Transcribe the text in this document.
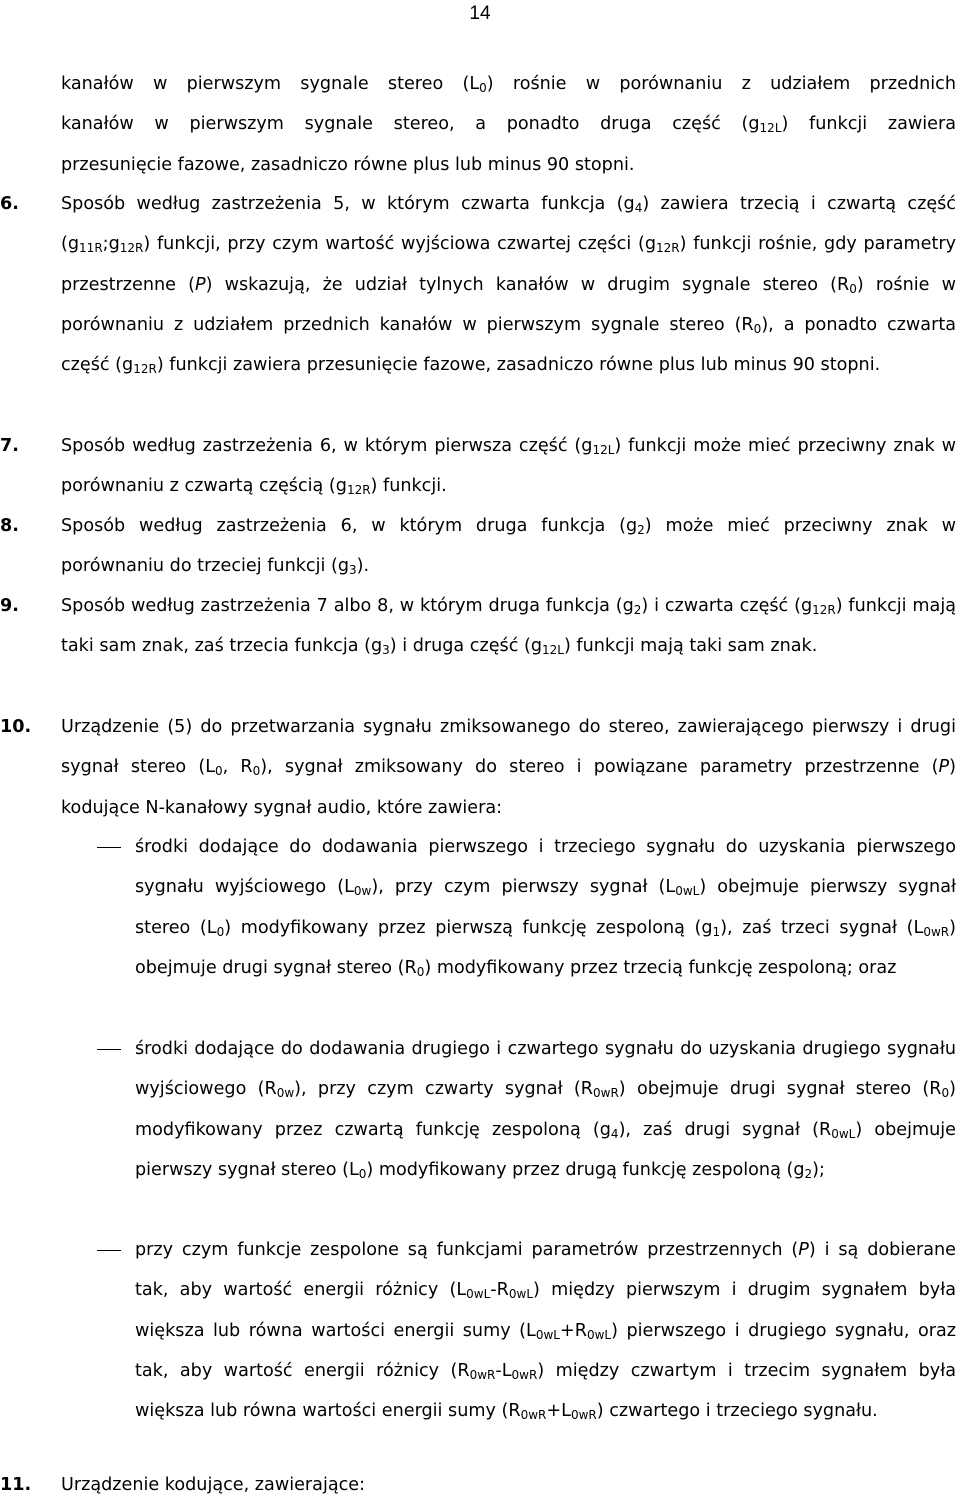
14
kanałów w pierwszym sygnale stereo $(L_0)$ rośnie w porównaniu z udziałem przednich
kanałów w pierwszym sygnale stereo, a ponadto druga część $(g_{12L})$ funkcji zawiera
przesunięcie fazowe, zasadniczo równe plus lub minus 90 stopni.
6. Sposób według zastrzeżenia 5, w którym czwarta funkcja $(g_4)$ zawiera trzecią i czwartą część $(g_{11R};g_{12R})$ funkcji, przy czym wartość wyjściowa czwartej części $(g_{12R})$ funkcji rośnie, gdy parametry przestrzenne (P) wskazują, że udział tylnych kanałów w drugim sygnale stereo $(R_0)$ rośnie w porównaniu z udziałem przednich kanałów w pierwszym sygnale stereo $(R_0)$, a ponadto czwarta część $(g_{12R})$ funkcji zawiera przesunięcie fazowe, zasadniczo równe plus lub minus 90 stopni.

7. Sposób według zastrzeżenia 6, w którym pierwsza część $(g_{12L})$ funkcji może mieć przeciwny znak w porównaniu z czwartą częścią $(g_{12R})$ funkcji.

8. Sposób według zastrzeżenia 6, w którym druga funkcja $(g_2)$ może mieć przeciwny znak w porównaniu do trzeciej funkcji $(g_3)$.

9. Sposób według zastrzeżenia 7 albo 8, w którym druga funkcja $(g_2)$ i czwarta część $(g_{12R})$ funkcji mają taki sam znak, zaś trzecia funkcja $(g_3)$ i druga część $(g_{12L})$ funkcji mają taki sam znak.

10. Urządzenie (5) do przetwarzania sygnału zmiksowanego do stereo, zawierającego pierwszy i drugi sygnał stereo ($L_0$, $R_0$), sygnał zmiksowany do stereo i powiązane parametry przestrzenne (P) kodujące N-kanałowy sygnał audio, które zawiera:

środki dodające do dodawania pierwszego i trzeciego sygnału do uzyskania pierwszego sygnału wyjściowego $(L_{0w})$, przy czym pierwszy sygnał $(L_{0wL})$ obejmuje pierwszy sygnał stereo $(L_0)$ modyfikowany przez pierwszą funkcję zespoloną $(g_1)$, zaś trzeci sygnał $(L_{0wR})$ obejmuje drugi sygnał stereo $(R_0)$ modyfikowany przez trzecią funkcję zespoloną; oraz

środki dodające do dodawania drugiego i czwartego sygnału do uzyskania drugiego sygnału wyjściowego $(R_{0w})$, przy czym czwarty sygnał $(R_{0wR})$ obejmuje drugi sygnał stereo $(R_0)$ modyfikowany przez czwartą funkcję zespoloną $(g_4)$, zaś drugi sygnał $(R_{0wL})$ obejmuje pierwszy sygnał stereo $(L_0)$ modyfikowany przez drugą funkcję zespoloną $(g_2)$;

przy czym funkcje zespolone są funkcjami parametrów przestrzennych (P) i są dobierane tak, aby wartość energii różnicy $(L_{0wL}-R_{0wL})$ między pierwszym i drugim sygnałem była większa lub równa wartości energii sumy $(L_{0wL}+R_{0wL})$ pierwszego i drugiego sygnału, oraz tak, aby wartość energii różnicy $(R_{0wR}-L_{0wR})$ między czwartym i trzecim sygnałem była większa lub równa wartości energii sumy $(R_{0wR}+L_{0wR})$ czwartego i trzeciego sygnału.

11. Urządzenie kodujące, zawierające:
